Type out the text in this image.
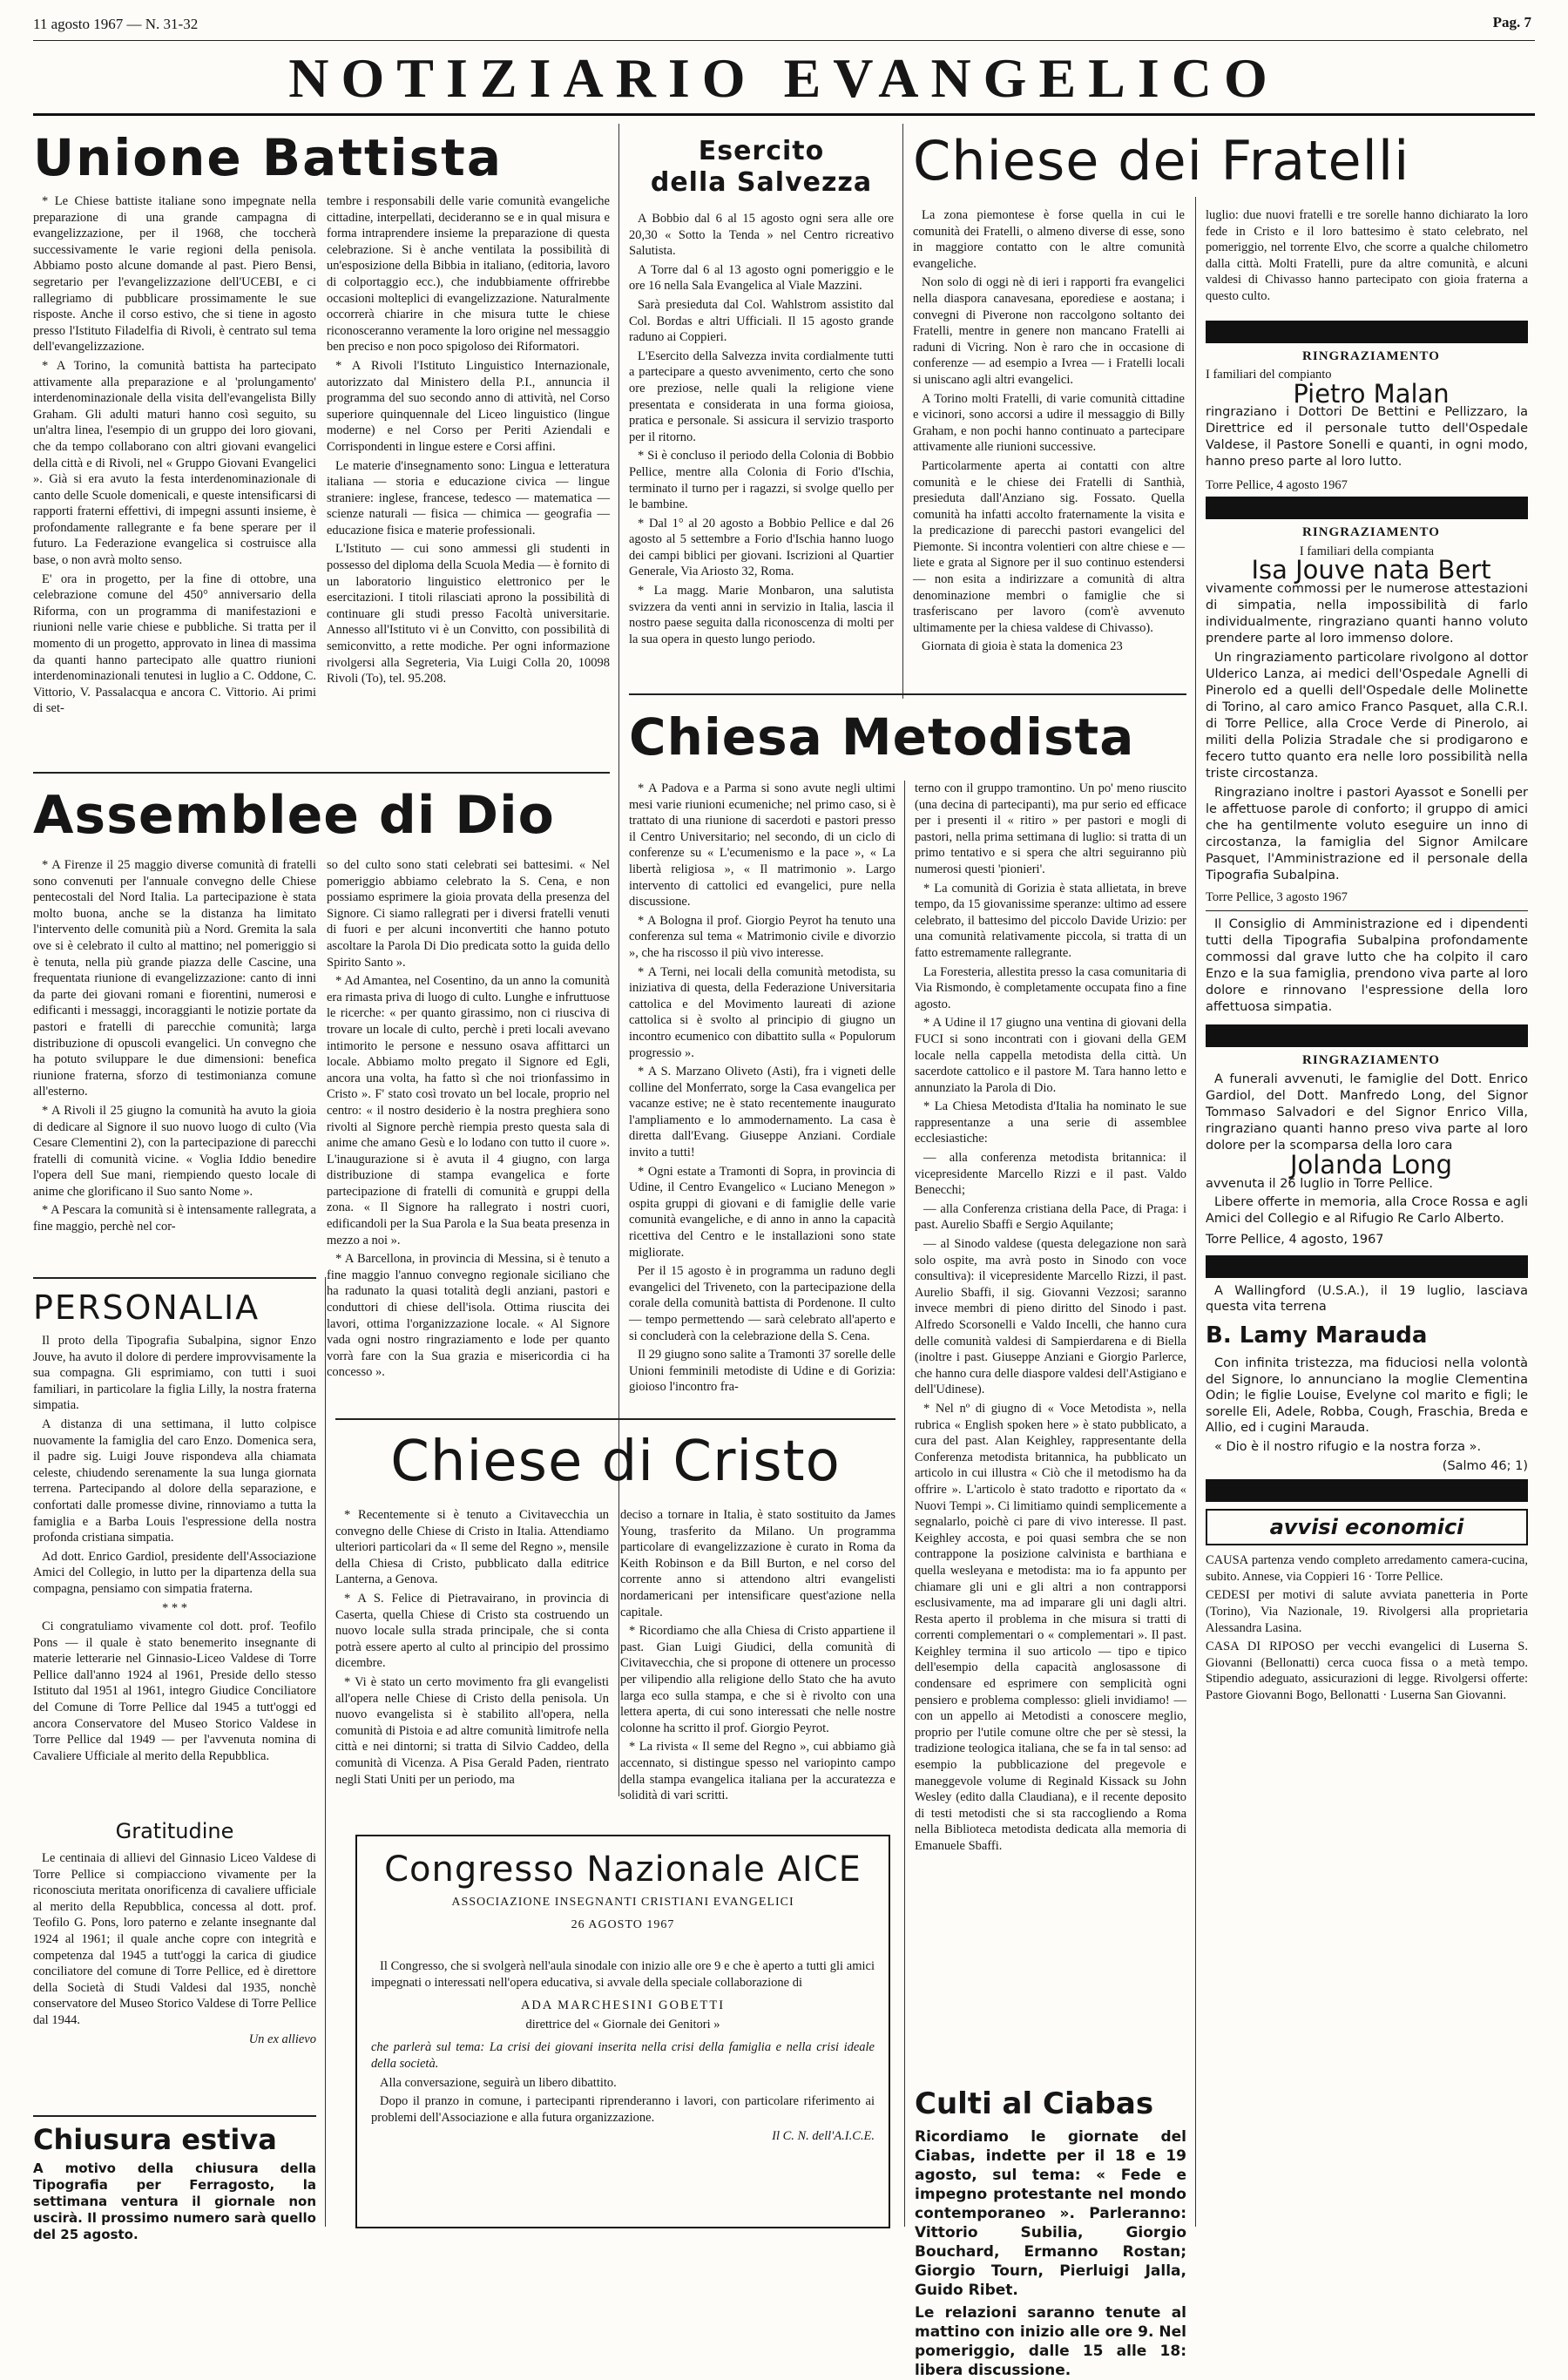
11 agosto 1967 — N. 31-32	Pag. 7
NOTIZIARIO EVANGELICO
Unione Battista

* Le Chiese battiste italiane sono impegnate nella preparazione di una grande campagna di evangelizzazione, per il 1968, che toccherà successivamente le varie regioni della penisola. Abbiamo posto alcune domande al past. Piero Bensi, segretario per l'evangelizzazione dell'UCEBI, e ci rallegriamo di pubblicare prossimamente le sue risposte. Anche il corso estivo, che si tiene in agosto presso l'Istituto Filadelfia di Rivoli, è centrato sul tema dell'evangelizzazione.

* A Torino, la comunità battista ha partecipato attivamente alla preparazione e al 'prolungamento' interdenominazionale della visita dell'evangelista Billy Graham. Gli adulti maturi hanno così seguito, su un'altra linea, l'esempio di un gruppo dei loro giovani, che da tempo collaborano con altri giovani evangelici della città e di Rivoli, nel « Gruppo Giovani Evangelici ». Già si era avuto la festa interdenominazionale di canto delle Scuole domenicali, e queste intensificarsi di rapporti fraterni effettivi, di impegni assunti insieme, è profondamente rallegrante e fa bene sperare per il futuro. La Federazione evangelica si costruisce alla base, o non avrà molto senso.

E' ora in progetto, per la fine di ottobre, una celebrazione comune del 450° anniversario della Riforma, con un programma di manifestazioni e riunioni nelle varie chiese e pubbliche. Si tratta per il momento di un progetto, approvato in linea di massima da quanti hanno partecipato alle quattro riunioni interdenominazionali tenutesi in luglio a C. Oddone, C. Vittorio, V. Passalacqua e ancora C. Vittorio. Ai primi di set-

tembre i responsabili delle varie comunità evangeliche cittadine, interpellati, decideranno se e in qual misura e forma intraprendere insieme la preparazione di questa celebrazione. Si è anche ventilata la possibilità di un'esposizione della Bibbia in italiano, (editoria, lavoro di colportaggio ecc.), che indubbiamente offrirebbe occasioni molteplici di evangelizzazione. Naturalmente occorrerà chiarire in che misura tutte le chiese riconosceranno veramente la loro origine nel messaggio ben preciso e non poco spigoloso dei Riformatori.

* A Rivoli l'Istituto Linguistico Internazionale, autorizzato dal Ministero della P.I., annuncia il programma del suo secondo anno di attività, nel Corso superiore quinquennale del Liceo linguistico (lingue moderne) e nel Corso per Periti Aziendali e Corrispondenti in lingue estere e Corsi affini.

Le materie d'insegnamento sono: Lingua e letteratura italiana — storia e educazione civica — lingue straniere: inglese, francese, tedesco — matematica — scienze naturali — fisica — chimica — geografia — educazione fisica e materie professionali.

L'Istituto — cui sono ammessi gli studenti in possesso del diploma della Scuola Media — è fornito di un laboratorio linguistico elettronico per le esercitazioni. I titoli rilasciati aprono la possibilità di continuare gli studi presso Facoltà universitarie. Annesso all'Istituto vi è un Convitto, con possibilità di semiconvitto, a rette modiche. Per ogni informazione rivolgersi alla Segreteria, Via Luigi Colla 20, 10098 Rivoli (To), tel. 95.208.

Esercito
della Salvezza

A Bobbio dal 6 al 15 agosto ogni sera alle ore 20,30 « Sotto la Tenda » nel Centro ricreativo Salutista.

A Torre dal 6 al 13 agosto ogni pomeriggio e le ore 16 nella Sala Evangelica al Viale Mazzini.

Sarà presieduta dal Col. Wahlstrom assistito dal Col. Bordas e altri Ufficiali. Il 15 agosto grande raduno ai Coppieri.

L'Esercito della Salvezza invita cordialmente tutti a partecipare a questo avvenimento, certo che sono ore preziose, nelle quali la religione viene presentata e considerata in una forma gioiosa, pratica e personale. Si assicura il servizio trasporto per il ritorno.

* Si è concluso il periodo della Colonia di Bobbio Pellice, mentre alla Colonia di Forio d'Ischia, terminato il turno per i ragazzi, si svolge quello per le bambine.

* Dal 1° al 20 agosto a Bobbio Pellice e dal 26 agosto al 5 settembre a Forio d'Ischia hanno luogo dei campi biblici per giovani. Iscrizioni al Quartier Generale, Via Ariosto 32, Roma.

* La magg. Marie Monbaron, una salutista svizzera da venti anni in servizio in Italia, lascia il nostro paese seguita dalla riconoscenza di molti per la sua opera in questo lungo periodo.

Chiese dei Fratelli

La zona piemontese è forse quella in cui le comunità dei Fratelli, o almeno diverse di esse, sono in maggiore contatto con le altre comunità evangeliche.

Non solo di oggi nè di ieri i rapporti fra evangelici nella diaspora canavesana, eporediese e aostana; i convegni di Piverone non raccolgono soltanto dei Fratelli, mentre in genere non mancano Fratelli ai raduni di Vicring. Non è raro che in occasione di conferenze — ad esempio a Ivrea — i Fratelli locali si uniscano agli altri evangelici.

A Torino molti Fratelli, di varie comunità cittadine e vicinori, sono accorsi a udire il messaggio di Billy Graham, e non pochi hanno continuato a partecipare attivamente alle riunioni successive.

Particolarmente aperta ai contatti con altre comunità e le chiese dei Fratelli di Santhià, presieduta dall'Anziano sig. Fossato. Quella comunità ha infatti accolto fraternamente la visita e la predicazione di parecchi pastori evangelici del Piemonte. Si incontra volentieri con altre chiese e — liete e grata al Signore per il suo continuo estendersi — non esita a indirizzare a comunità di altra denominazione membri o famiglie che si trasferiscano per lavoro (com'è avvenuto ultimamente per la chiesa valdese di Chivasso).

Giornata di gioia è stata la domenica 23

luglio: due nuovi fratelli e tre sorelle hanno dichiarato la loro fede in Cristo e il loro battesimo è stato celebrato, nel pomeriggio, nel torrente Elvo, che scorre a qualche chilometro dalla città. Molti Fratelli, pure da altre comunità, e alcuni valdesi di Chivasso hanno partecipato con gioia fraterna a questo culto.

RINGRAZIAMENTO

I familiari del compianto

Pietro Malan

ringraziano i Dottori De Bettini e Pellizzaro, la Direttrice ed il personale tutto dell'Ospedale Valdese, il Pastore Sonelli e quanti, in ogni modo, hanno preso parte al loro lutto.

Torre Pellice, 4 agosto 1967

RINGRAZIAMENTO

I familiari della compianta

Isa Jouve nata Bert

vivamente commossi per le numerose attestazioni di simpatia, nella impossibilità di farlo individualmente, ringraziano quanti hanno voluto prendere parte al loro immenso dolore.

Un ringraziamento particolare rivolgono al dottor Ulderico Lanza, ai medici dell'Ospedale Agnelli di Pinerolo ed a quelli dell'Ospedale delle Molinette di Torino, al caro amico Franco Pasquet, alla C.R.I. di Torre Pellice, alla Croce Verde di Pinerolo, ai militi della Polizia Stradale che si prodigarono e fecero tutto quanto era nelle loro possibilità nella triste circostanza.

Ringraziano inoltre i pastori Ayassot e Sonelli per le affettuose parole di conforto; il gruppo di amici che ha gentilmente voluto eseguire un inno di circostanza, la famiglia del Signor Amilcare Pasquet, l'Amministrazione ed il personale della Tipografia Subalpina.

Torre Pellice, 3 agosto 1967

Il Consiglio di Amministrazione ed i dipendenti tutti della Tipografia Subalpina profondamente commossi dal grave lutto che ha colpito il caro Enzo e la sua famiglia, prendono viva parte al loro dolore e rinnovano l'espressione della loro affettuosa simpatia.

RINGRAZIAMENTO

A funerali avvenuti, le famiglie del Dott. Enrico Gardiol, del Dott. Manfredo Long, del Signor Tommaso Salvadori e del Signor Enrico Villa, ringraziano quanti hanno preso viva parte al loro dolore per la scomparsa della loro cara

Jolanda Long

avvenuta il 26 luglio in Torre Pellice.

Libere offerte in memoria, alla Croce Rossa e agli Amici del Collegio e al Rifugio Re Carlo Alberto.

Torre Pellice, 4 agosto, 1967

A Wallingford (U.S.A.), il 19 luglio, lasciava questa vita terrena

B. Lamy Marauda

Con infinita tristezza, ma fiduciosi nella volontà del Signore, lo annunciano la moglie Clementina Odin; le figlie Louise, Evelyne col marito e figli; le sorelle Eli, Adele, Robba, Cough, Fraschia, Breda e Allio, ed i cugini Marauda.

« Dio è il nostro rifugio e la nostra forza ».

(Salmo 46; 1)

avvisi economici

CAUSA partenza vendo completo arredamento camera-cucina, subito. Annese, via Coppieri 16 · Torre Pellice.

CEDESI per motivi di salute avviata panetteria in Porte (Torino), Via Nazionale, 19. Rivolgersi alla proprietaria Alessandra Lasina.

CASA DI RIPOSO per vecchi evangelici di Luserna S. Giovanni (Bellonatti) cerca cuoca fissa o a metà tempo. Stipendio adeguato, assicurazioni di legge. Rivolgersi offerte: Pastore Giovanni Bogo, Bellonatti · Luserna San Giovanni.

Assemblee di Dio

* A Firenze il 25 maggio diverse comunità di fratelli sono convenuti per l'annuale convegno delle Chiese pentecostali del Nord Italia. La partecipazione è stata molto buona, anche se la distanza ha limitato l'intervento delle comunità più a Nord. Gremita la sala ove si è celebrato il culto al mattino; nel pomeriggio si è tenuta, nella più grande piazza delle Cascine, una frequentata riunione di evangelizzazione: canto di inni da parte dei giovani romani e fiorentini, numerosi e edificanti i messaggi, incoraggianti le notizie portate da pastori e fratelli di parecchie comunità; larga distribuzione di opuscoli evangelici. Un convegno che ha potuto sviluppare le due dimensioni: benefica riunione fraterna, sforzo di testimonianza comune all'esterno.

* A Rivoli il 25 giugno la comunità ha avuto la gioia di dedicare al Signore il suo nuovo luogo di culto (Via Cesare Clementini 2), con la partecipazione di parecchi fratelli di comunità vicine. « Voglia Iddio benedire l'opera dell Sue mani, riempiendo questo locale di anime che glorificano il Suo santo Nome ».

* A Pescara la comunità si è intensamente rallegrata, a fine maggio, perchè nel cor-

so del culto sono stati celebrati sei battesimi. « Nel pomeriggio abbiamo celebrato la S. Cena, e non possiamo esprimere la gioia provata della presenza del Signore. Ci siamo rallegrati per i diversi fratelli venuti di fuori e per alcuni inconvertiti che hanno potuto ascoltare la Parola Di Dio predicata sotto la guida dello Spirito Santo ».

* Ad Amantea, nel Cosentino, da un anno la comunità era rimasta priva di luogo di culto. Lunghe e infruttuose le ricerche: « per quanto girassimo, non ci riusciva di trovare un locale di culto, perchè i preti locali avevano intimorito le persone e nessuno osava affittarci un locale. Abbiamo molto pregato il Signore ed Egli, ancora una volta, ha fatto sì che noi trionfassimo in Cristo ». F' stato così trovato un bel locale, proprio nel centro: « il nostro desiderio è la nostra preghiera sono rivolti al Signore perchè riempia presto questa sala di anime che amano Gesù e lo lodano con tutto il cuore ». L'inaugurazione si è avuta il 4 giugno, con larga distribuzione di stampa evangelica e forte partecipazione di fratelli di comunità e gruppi della zona. « Il Signore ha rallegrato i nostri cuori, edificandoli per la Sua Parola e la Sua beata presenza in mezzo a noi ».

* A Barcellona, in provincia di Messina, si è tenuto a fine maggio l'annuo convegno regionale siciliano che ha radunato la quasi totalità degli anziani, pastori e conduttori di chiese dell'isola. Ottima riuscita dei lavori, ottima l'organizzazione locale. « Al Signore vada ogni nostro ringraziamento e lode per quanto vorrà fare con la Sua grazia e misericordia ci ha concesso ».

Chiesa Metodista

* A Padova e a Parma si sono avute negli ultimi mesi varie riunioni ecumeniche; nel primo caso, si è trattato di una riunione di sacerdoti e pastori presso il Centro Universitario; nel secondo, di un ciclo di conferenze su « L'ecumenismo e la pace », « La libertà religiosa », « Il matrimonio ». Largo intervento di cattolici ed evangelici, pure nella discussione.

* A Bologna il prof. Giorgio Peyrot ha tenuto una conferenza sul tema « Matrimonio civile e divorzio », che ha riscosso il più vivo interesse.

* A Terni, nei locali della comunità metodista, su iniziativa di questa, della Federazione Universitaria cattolica e del Movimento laureati di azione cattolica si è svolto al principio di giugno un incontro ecumenico con dibattito sulla « Populorum progressio ».

* A S. Marzano Oliveto (Asti), fra i vigneti delle colline del Monferrato, sorge la Casa evangelica per vacanze estive; ne è stato recentemente inaugurato l'ampliamento e lo ammodernamento. La casa è diretta dall'Evang. Giuseppe Anziani. Cordiale invito a tutti!

* Ogni estate a Tramonti di Sopra, in provincia di Udine, il Centro Evangelico « Luciano Menegon » ospita gruppi di giovani e di famiglie delle varie comunità evangeliche, e di anno in anno la capacità ricettiva del Centro e le installazioni sono state migliorate.

Per il 15 agosto è in programma un raduno degli evangelici del Triveneto, con la partecipazione della corale della comunità battista di Pordenone. Il culto — tempo permettendo — sarà celebrato all'aperto e si concluderà con la celebrazione della S. Cena.

Il 29 giugno sono salite a Tramonti 37 sorelle delle Unioni femminili metodiste di Udine e di Gorizia: gioioso l'incontro fra-

terno con il gruppo tramontino. Un po' meno riuscito (una decina di partecipanti), ma pur serio ed efficace per i presenti il « ritiro » per pastori e mogli di pastori, nella prima settimana di luglio: si tratta di un primo tentativo e si spera che altri seguiranno più numerosi questi 'pionieri'.

* La comunità di Gorizia è stata allietata, in breve tempo, da 15 giovanissime speranze: ultimo ad essere celebrato, il battesimo del piccolo Davide Urizio: per una comunità relativamente piccola, si tratta di un fatto estremamente rallegrante.

La Foresteria, allestita presso la casa comunitaria di Via Rismondo, è completamente occupata fino a fine agosto.

* A Udine il 17 giugno una ventina di giovani della FUCI si sono incontrati con i giovani della GEM locale nella cappella metodista della città. Un sacerdote cattolico e il pastore M. Tara hanno letto e annunziato la Parola di Dio.

* La Chiesa Metodista d'Italia ha nominato le sue rappresentanze a una serie di assemblee ecclesiastiche:

— alla conferenza metodista britannica: il vicepresidente Marcello Rizzi e il past. Valdo Benecchi;

— alla Conferenza cristiana della Pace, di Praga: i past. Aurelio Sbaffi e Sergio Aquilante;

— al Sinodo valdese (questa delegazione non sarà solo ospite, ma avrà posto in Sinodo con voce consultiva): il vicepresidente Marcello Rizzi, il past. Aurelio Sbaffi, il sig. Giovanni Vezzosi; saranno invece membri di pieno diritto del Sinodo i past. Alfredo Scorsonelli e Valdo Incelli, che hanno cura delle comunità valdesi di Sampierdarena e di Biella (inoltre i past. Giuseppe Anziani e Giorgio Parlerce, che hanno cura delle diaspore valdesi dell'Astigiano e dell'Udinese).

* Nel nº di giugno di « Voce Metodista », nella rubrica « English spoken here » è stato pubblicato, a cura del past. Alan Keighley, rappresentante della Conferenza metodista britannica, ha pubblicato un articolo in cui illustra « Ciò che il metodismo ha da offrire ». L'articolo è stato tradotto e riportato da « Nuovi Tempi ». Ci limitiamo quindi semplicemente a segnalarlo, poichè ci pare di vivo interesse. Il past. Keighley accosta, e poi quasi sembra che se non contrappone la posizione calvinista e barthiana e quella wesleyana e metodista: ma io fa appunto per chiamare gli uni e gli altri a non contrapporsi esclusivamente, ma ad imparare gli uni dagli altri. Resta aperto il problema in che misura si tratti di correnti complementari o « complementari ». Il past. Keighley termina il suo articolo — tipo e tipico dell'esempio della capacità anglosassone di condensare ed esprimere con semplicità ogni pensiero e problema complesso: glieli invidiamo! — con un appello ai Metodisti a conoscere meglio, proprio per l'utile comune oltre che per sè stessi, la tradizione teologica italiana, che se fa in tal senso: ad esempio la pubblicazione del pregevole e maneggevole volume di Reginald Kissack su John Wesley (edito dalla Claudiana), e il recente deposito di testi metodisti che si sta raccogliendo a Roma nella Biblioteca metodista dedicata alla memoria di Emanuele Sbaffi.

PERSONALIA

Il proto della Tipografia Subalpina, signor Enzo Jouve, ha avuto il dolore di perdere improvvisamente la sua compagna. Gli esprimiamo, con tutti i suoi familiari, in particolare la figlia Lilly, la nostra fraterna simpatia.

A distanza di una settimana, il lutto colpisce nuovamente la famiglia del caro Enzo. Domenica sera, il padre sig. Luigi Jouve rispondeva alla chiamata celeste, chiudendo serenamente la sua lunga giornata terrena. Partecipando al dolore della separazione, e confortati dalle promesse divine, rinnoviamo a tutta la famiglia e a Barba Louis l'espressione della nostra profonda cristiana simpatia.

Ad dott. Enrico Gardiol, presidente dell'Associazione Amici del Collegio, in lutto per la dipartenza della sua compagna, pensiamo con simpatia fraterna.

* * *

Ci congratuliamo vivamente col dott. prof. Teofilo Pons — il quale è stato benemerito insegnante di materie letterarie nel Ginnasio-Liceo Valdese di Torre Pellice dall'anno 1924 al 1961, Preside dello stesso Istituto dal 1951 al 1961, integro Giudice Conciliatore del Comune di Torre Pellice dal 1945 a tutt'oggi ed ancora Conservatore del Museo Storico Valdese in Torre Pellice dal 1949 — per l'avvenuta nomina di Cavaliere Ufficiale al merito della Repubblica.

Gratitudine

Le centinaia di allievi del Ginnasio Liceo Valdese di Torre Pellice si compiacciono vivamente per la riconosciuta meritata onorificenza di cavaliere ufficiale al merito della Repubblica, concessa al dott. prof. Teofilo G. Pons, loro paterno e zelante insegnante dal 1924 al 1961; il quale anche copre con integrità e competenza dal 1945 a tutt'oggi la carica di giudice conciliatore del comune di Torre Pellice, ed è direttore della Società di Studi Valdesi dal 1935, nonchè conservatore del Museo Storico Valdese di Torre Pellice dal 1944.

Un ex allievo

Chiusura estiva

A motivo della chiusura della Tipografia per Ferragosto, la settimana ventura il giornale non uscirà. Il prossimo numero sarà quello del 25 agosto.

Chiese di Cristo

* Recentemente si è tenuto a Civitavecchia un convegno delle Chiese di Cristo in Italia. Attendiamo ulteriori particolari da « Il seme del Regno », mensile della Chiesa di Cristo, pubblicato dalla editrice Lanterna, a Genova.

* A S. Felice di Pietravairano, in provincia di Caserta, quella Chiese di Cristo sta costruendo un nuovo locale sulla strada principale, che si conta potrà essere aperto al culto al principio del prossimo dicembre.

* Vi è stato un certo movimento fra gli evangelisti all'opera nelle Chiese di Cristo della penisola. Un nuovo evangelista si è stabilito all'opera, nella comunità di Pistoia e ad altre comunità limitrofe nella città e nei dintorni; si tratta di Silvio Caddeo, della comunità di Vicenza. A Pisa Gerald Paden, rientrato negli Stati Uniti per un periodo, ma

deciso a tornare in Italia, è stato sostituito da James Young, trasferito da Milano. Un programma particolare di evangelizzazione è curato in Roma da Keith Robinson e da Bill Burton, e nel corso del corrente anno si attendono altri evangelisti nordamericani per intensificare quest'azione nella capitale.

* Ricordiamo che alla Chiesa di Cristo appartiene il past. Gian Luigi Giudici, della comunità di Civitavecchia, che si propone di ottenere un processo per vilipendio alla religione dello Stato che ha avuto larga eco sulla stampa, e che si è rivolto con una lettera aperta, di cui sono interessati che nelle nostre colonne ha scritto il prof. Giorgio Peyrot.

* La rivista « Il seme del Regno », cui abbiamo già accennato, si distingue spesso nel variopinto campo della stampa evangelica italiana per la accuratezza e solidità di vari scritti.

Congresso Nazionale AICE
ASSOCIAZIONE INSEGNANTI CRISTIANI EVANGELICI
26 AGOSTO 1967

Il Congresso, che si svolgerà nell'aula sinodale con inizio alle ore 9 e che è aperto a tutti gli amici impegnati o interessati nell'opera educativa, si avvale della speciale collaborazione di

ADA MARCHESINI GOBETTI

direttrice del « Giornale dei Genitori »

che parlerà sul tema: La crisi dei giovani inserita nella crisi della famiglia e nella crisi ideale della società.

Alla conversazione, seguirà un libero dibattito.

Dopo il pranzo in comune, i partecipanti riprenderanno i lavori, con particolare riferimento ai problemi dell'Associazione e alla futura organizzazione.

Il C. N. dell'A.I.C.E.

Culti al Ciabas

Ricordiamo le giornate del Ciabas, indette per il 18 e 19 agosto, sul tema: « Fede e impegno protestante nel mondo contemporaneo ». Parleranno: Vittorio Subilia, Giorgio Bouchard, Ermanno Rostan; Giorgio Tourn, Pierluigi Jalla, Guido Ribet.

Le relazioni saranno tenute al mattino con inizio alle ore 9. Nel pomeriggio, dalle 15 alle 18: libera discussione.
